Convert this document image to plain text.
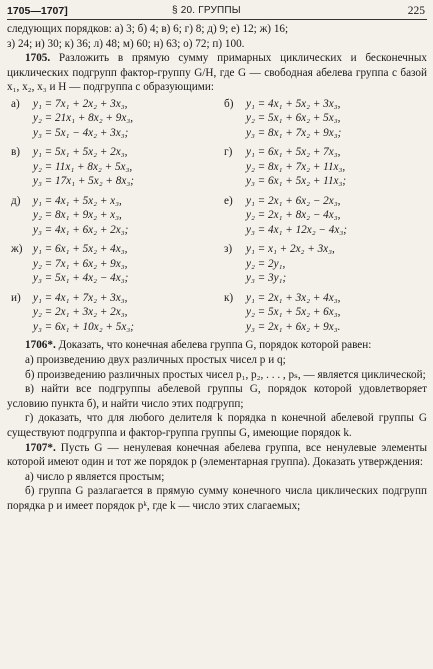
1705—1707]	§ 20. ГРУППЫ	225

следующих порядков: а) 3; б) 4; в) 6; г) 8; д) 9; е) 12; ж) 16;

з) 24; и) 30; к) 36; л) 48; м) 60; н) 63; о) 72; п) 100.

1705. Разложить в прямую сумму примарных циклических и бесконечных циклических подгрупп фактор-группу G/H, где G — свободная абелева группа с базой x₁, x₂, x₃ и H — подгруппа с образующими:

а)	y₁ = 7x₁ + 2x₂ + 3x₃,
y₂ = 21x₁ + 8x₂ + 9x₃,
y₃ = 5x₁ − 4x₂ + 3x₃;
б)	y₁ = 4x₁ + 5x₂ + 3x₃,
y₂ = 5x₁ + 6x₂ + 5x₃,
y₃ = 8x₁ + 7x₂ + 9x₃;
в)	y₁ = 5x₁ + 5x₂ + 2x₃,
y₂ = 11x₁ + 8x₂ + 5x₃,
y₃ = 17x₁ + 5x₂ + 8x₃;
г)	y₁ = 6x₁ + 5x₂ + 7x₃,
y₂ = 8x₁ + 7x₂ + 11x₃,
y₃ = 6x₁ + 5x₂ + 11x₃;
д)	y₁ = 4x₁ + 5x₂ + x₃,
y₂ = 8x₁ + 9x₂ + x₃,
y₃ = 4x₁ + 6x₂ + 2x₃;
е)	y₁ = 2x₁ + 6x₂ − 2x₃,
y₂ = 2x₁ + 8x₂ − 4x₃,
y₃ = 4x₁ + 12x₂ − 4x₃;
ж) y₁ = 6x₁ + 5x₂ + 4x₃,
y₂ = 7x₁ + 6x₂ + 9x₃,
y₃ = 5x₁ + 4x₂ − 4x₃;
з)	y₁ = x₁ + 2x₂ + 3x₃,
y₂ = 2y₁,
y₃ = 3y₁;
и)	y₁ = 4x₁ + 7x₂ + 3x₃,
y₂ = 2x₁ + 3x₂ + 2x₃,
y₃ = 6x₁ + 10x₂ + 5x₃;
к)	y₁ = 2x₁ + 3x₂ + 4x₃,
y₂ = 5x₁ + 5x₂ + 6x₃,
y₃ = 2x₁ + 6x₂ + 9x₃.

1706*. Доказать, что конечная абелева группа G, порядок которой равен:

а) произведению двух различных простых чисел p и q;

б) произведению различных простых чисел p₁, p₂, . . . , pₛ, — является циклической;

в) найти все подгруппы абелевой группы G, порядок которой удовлетворяет условию пункта б), и найти число этих подгрупп;

г) доказать, что для любого делителя k порядка n конечной абелевой группы G существуют подгруппа и фактор-группа группы G, имеющие порядок k.

1707*. Пусть G — ненулевая конечная абелева группа, все ненулевые элементы которой имеют один и тот же порядок p (элементарная группа). Доказать утверждения:

а) число p является простым;

б) группа G разлагается в прямую сумму конечного числа циклических подгрупп порядка p и имеет порядок pᵏ, где k — число этих слагаемых;
